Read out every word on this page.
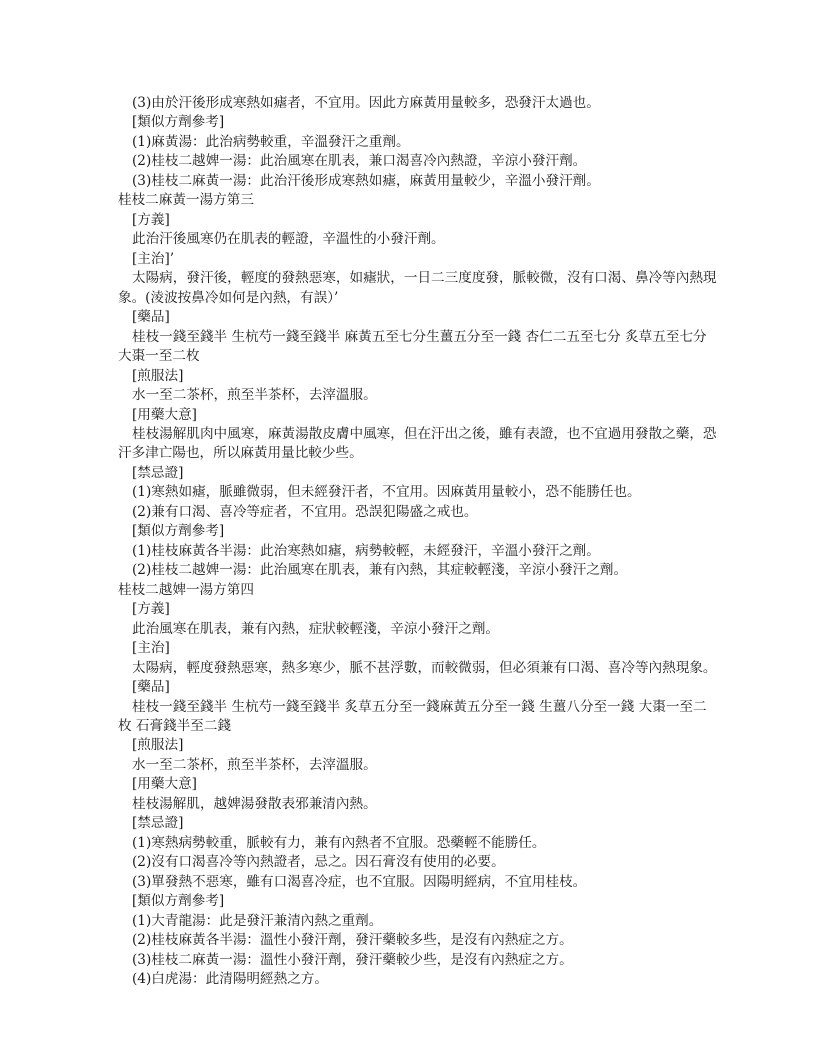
(3)由於汗後形成寒熱如瘧者，不宜用。因此方麻黃用量較多，恐發汗太過也。
[類似方劑參考]
(1)麻黃湯：此治病勢較重，辛溫發汗之重劑。
(2)桂枝二越婢一湯：此治風寒在肌表，兼口渴喜冷內熱證，辛涼小發汗劑。
(3)桂枝二麻黃一湯：此治汗後形成寒熱如瘧，麻黃用量較少，辛溫小發汗劑。
桂枝二麻黃一湯方第三
[方義]
此治汗後風寒仍在肌表的輕證，辛溫性的小發汗劑。
[主治]’
太陽病，發汗後，輕度的發熱惡寒，如瘧狀，一日二三度度發，脈較微，沒有口渴、鼻冷等內熱現象。(淩波按鼻冷如何是內熱，有誤）’
[藥品]
桂枝一錢至錢半 生杭芍一錢至錢半 麻黃五至七分生薑五分至一錢 杏仁二五至七分 炙草五至七分 大棗一至二枚
[煎服法]
水一至二茶杯，煎至半茶杯，去滓溫服。
[用藥大意]
桂枝湯解肌肉中風寒，麻黃湯散皮膚中風寒，但在汗出之後，雖有表證，也不宜過用發散之藥，恐汗多津亡陽也，所以麻黃用量比較少些。
[禁忌證]
(1)寒熱如瘧，脈雖微弱，但未經發汗者，不宜用。因麻黃用量較小，恐不能勝任也。
(2)兼有口渴、喜冷等症者，不宜用。恐誤犯陽盛之戒也。
[類似方劑參考]
(1)桂枝麻黃各半湯：此治寒熱如瘧，病勢較輕，未經發汗，辛溫小發汗之劑。
(2)桂枝二越婢一湯：此治風寒在肌表，兼有內熱，其症較輕淺，辛涼小發汗之劑。
桂枝二越婢一湯方第四
[方義]
此治風寒在肌表，兼有內熱，症狀較輕淺，辛涼小發汗之劑。
[主治]
太陽病，輕度發熱惡寒，熱多寒少，脈不甚浮數，而較微弱，但必須兼有口渴、喜冷等內熱現象。
[藥品]
桂枝一錢至錢半 生杭芍一錢至錢半 炙草五分至一錢麻黃五分至一錢 生薑八分至一錢 大棗一至二枚 石膏錢半至二錢
[煎服法]
水一至二茶杯，煎至半茶杯，去滓溫服。
[用藥大意]
桂枝湯解肌，越婢湯發散表邪兼清內熱。
[禁忌證]
(1)寒熱病勢較重，脈較有力，兼有內熱者不宜服。恐藥輕不能勝任。
(2)沒有口渴喜冷等內熱證者，忌之。因石膏沒有使用的必要。
(3)單發熱不惡寒，雖有口渴喜冷症，也不宜服。因陽明經病，不宜用桂枝。
[類似方劑參考]
(1)大青龍湯：此是發汗兼清內熱之重劑。
(2)桂枝麻黃各半湯：溫性小發汗劑，發汗藥較多些，是沒有內熱症之方。
(3)桂枝二麻黃一湯：溫性小發汗劑，發汗藥較少些，是沒有內熱症之方。
(4)白虎湯：此清陽明經熱之方。
